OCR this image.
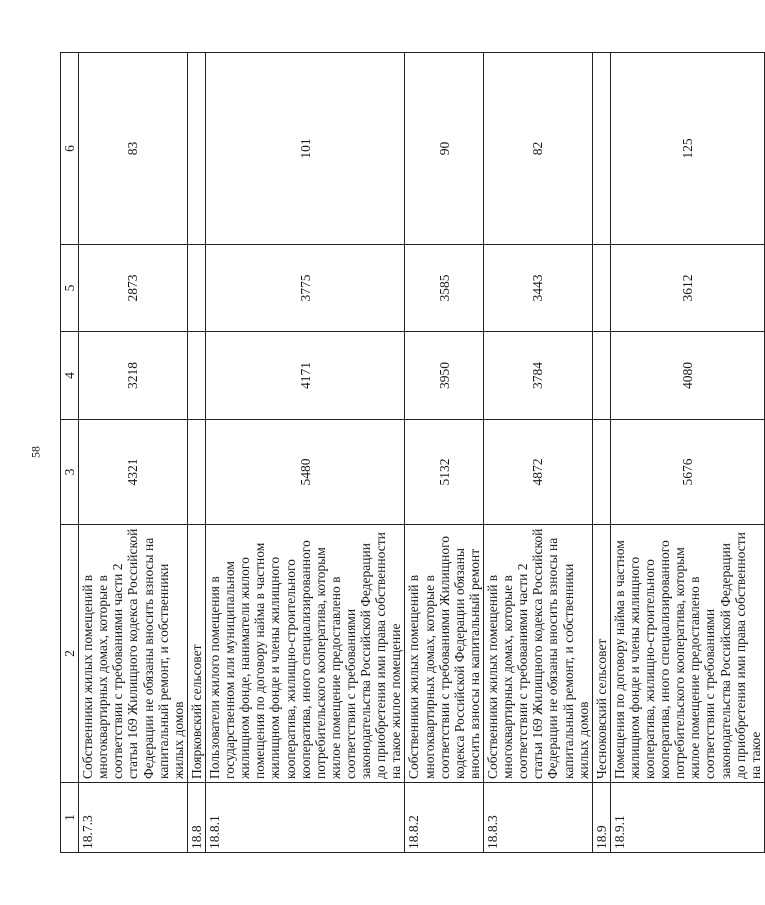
58
1	2	3	4	5	6
18.7.3	Собственники жилых помещений в многоквартирных домах, которые в соответствии с требованиями части 2 статьи 169 Жилищного кодекса Российской Федерации не обязаны вносить взносы на капитальный ремонт, и собственники жилых домов	4321	3218	2873	83
18.8	Поярковский сельсовет				
18.8.1	Пользователи жилого помещения в государственном или муниципальном жилищном фонде, наниматели жилого помещения по договору найма в частном жилищном фонде и члены жилищного кооператива, жилищно-строительного кооператива, иного специализированного потребительского кооператива, которым жилое помещение предоставлено в соответствии с требованиями законодательства Российской Федерации до приобретения ими права собственности на такое жилое помещение	5480	4171	3775	101
18.8.2	Собственники жилых помещений в многоквартирных домах, которые в соответствии с требованиями Жилищного кодекса Российской Федерации обязаны вносить взносы на капитальный ремонт	5132	3950	3585	90
18.8.3	Собственники жилых помещений в многоквартирных домах, которые в соответствии с требованиями части 2 статьи 169 Жилищного кодекса Российской Федерации не обязаны вносить взносы на капитальный ремонт, и собственники жилых домов	4872	3784	3443	82
18.9	Чесноковский сельсовет				
18.9.1	Помещения по договору найма в частном жилищном фонде и члены жилищного кооператива, жилищно-строительного кооператива, иного специализированного потребительского кооператива, которым жилое помещение предоставлено в соответствии с требованиями законодательства Российской Федерации до приобретения ими права собственности на такое	5676	4080	3612	125
